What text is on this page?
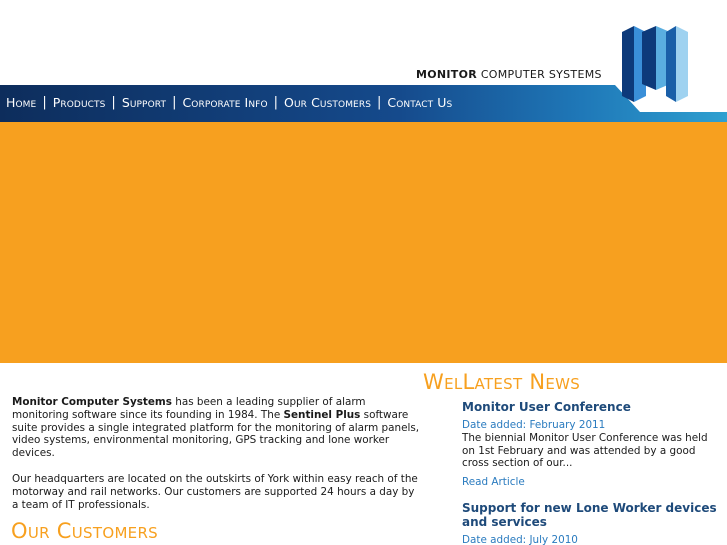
MONITOR COMPUTER SYSTEMS
Home | Products | Support | Corporate Info | Our Customers | Contact Us

Monitor Computer Systems has been a leading supplier of alarm monitoring software since its founding in 1984. The Sentinel Plus software suite provides a single integrated platform for the monitoring of alarm panels, video systems, environmental monitoring, GPS tracking and lone worker devices.

Our headquarters are located on the outskirts of York within easy reach of the motorway and rail networks. Our customers are supported 24 hours a day by a team of IT professionals.

Our Customers
WelLatest News
Monitor User Conference
Date added: February 2011
The biennial Monitor User Conference was held on 1st February and was attended by a good cross section of our...
Read Article
Support for new Lone Worker devices and services
Date added: July 2010
